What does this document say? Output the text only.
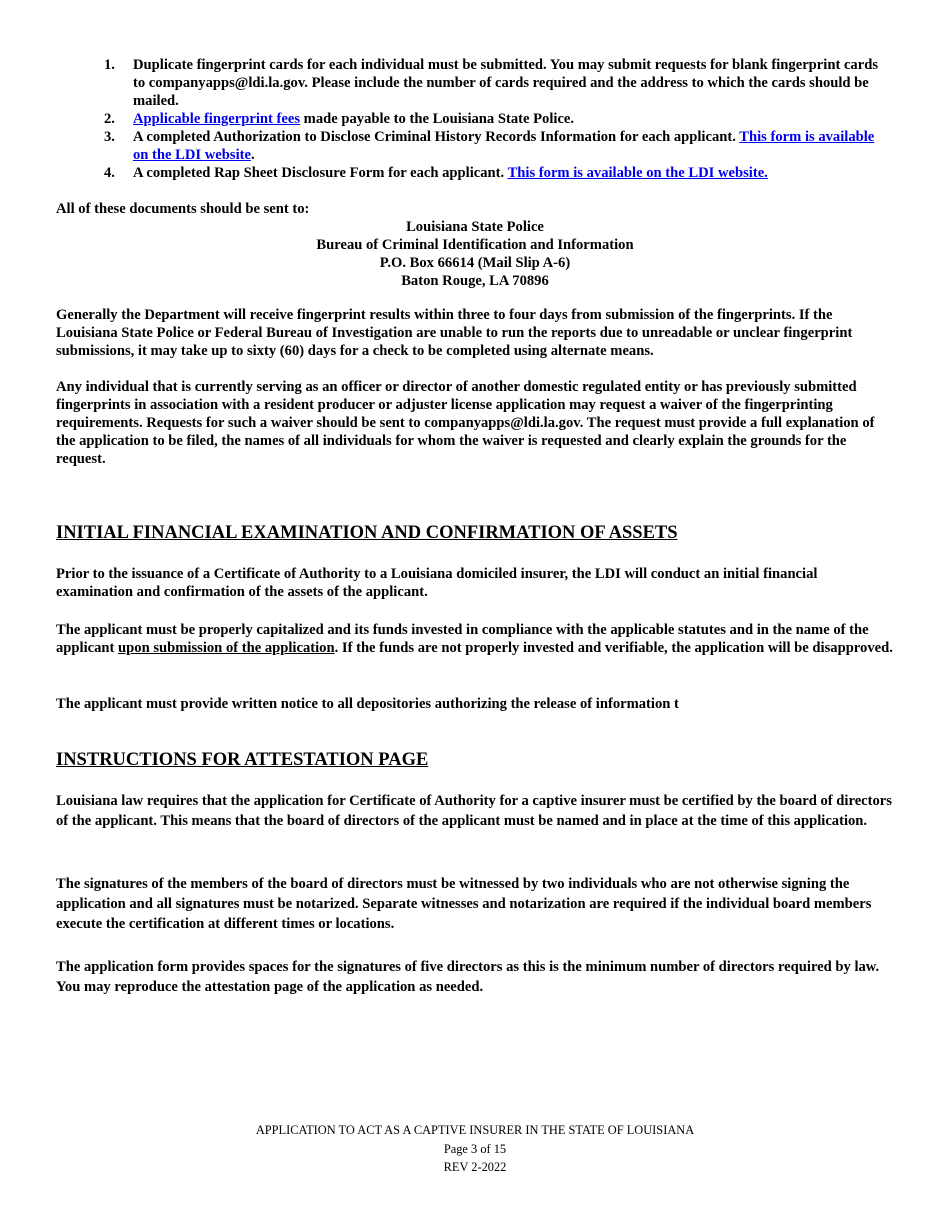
1. Duplicate fingerprint cards for each individual must be submitted. You may submit requests for blank fingerprint cards to companyapps@ldi.la.gov. Please include the number of cards required and the address to which the cards should be mailed.
2. Applicable fingerprint fees made payable to the Louisiana State Police.
3. A completed Authorization to Disclose Criminal History Records Information for each applicant. This form is available on the LDI website.
4. A completed Rap Sheet Disclosure Form for each applicant. This form is available on the LDI website.

All of these documents should be sent to:

Louisiana State Police
Bureau of Criminal Identification and Information
P.O. Box 66614 (Mail Slip A-6)
Baton Rouge, LA 70896

Generally the Department will receive fingerprint results within three to four days from submission of the fingerprints. If the Louisiana State Police or Federal Bureau of Investigation are unable to run the reports due to unreadable or unclear fingerprint submissions, it may take up to sixty (60) days for a check to be completed using alternate means.

Any individual that is currently serving as an officer or director of another domestic regulated entity or has previously submitted fingerprints in association with a resident producer or adjuster license application may request a waiver of the fingerprinting requirements. Requests for such a waiver should be sent to companyapps@ldi.la.gov. The request must provide a full explanation of the application to be filed, the names of all individuals for whom the waiver is requested and clearly explain the grounds for the request.

INITIAL FINANCIAL EXAMINATION AND CONFIRMATION OF ASSETS

Prior to the issuance of a Certificate of Authority to a Louisiana domiciled insurer, the LDI will conduct an initial financial examination and confirmation of the assets of the applicant.

The applicant must be properly capitalized and its funds invested in compliance with the applicable statutes and in the name of the applicant upon submission of the application. If the funds are not properly invested and verifiable, the application will be disapproved.

The applicant must provide written notice to all depositories authorizing the release of information t

INSTRUCTIONS FOR ATTESTATION PAGE

Louisiana law requires that the application for Certificate of Authority for a captive insurer must be certified by the board of directors of the applicant. This means that the board of directors of the applicant must be named and in place at the time of this application.

The signatures of the members of the board of directors must be witnessed by two individuals who are not otherwise signing the application and all signatures must be notarized. Separate witnesses and notarization are required if the individual board members execute the certification at different times or locations.

The application form provides spaces for the signatures of five directors as this is the minimum number of directors required by law. You may reproduce the attestation page of the application as needed.

APPLICATION TO ACT AS A CAPTIVE INSURER IN THE STATE OF LOUISIANA
Page 3 of 15
REV 2-2022
